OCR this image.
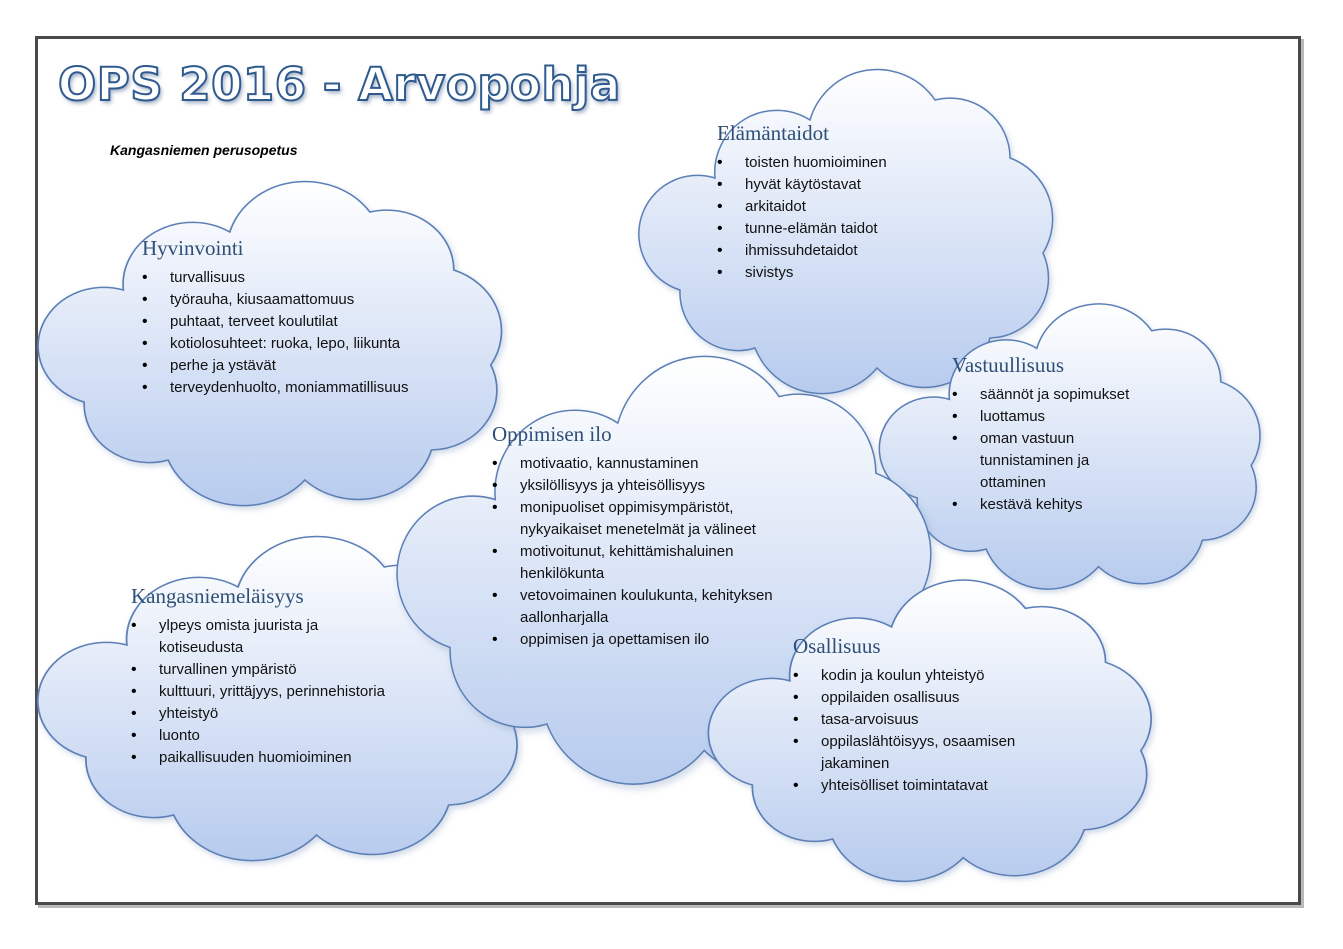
OPS 2016 - Arvopohja

Kangasniemen perusopetus

Hyvinvointi
• turvallisuus
• työrauha, kiusaamattomuus
• puhtaat, terveet koulutilat
• kotiolosuhteet: ruoka, lepo, liikunta
• perhe ja ystävät
• terveydenhuolto, moniammatillisuus
Elämäntaidot
• toisten huomioiminen
• hyvät käytöstavat
• arkitaidot
• tunne-elämän taidot
• ihmissuhdetaidot
• sivistys
Vastuullisuus
• säännöt ja sopimukset
• luottamus
• oman vastuun tunnistaminen ja ottaminen
• kestävä kehitys
Oppimisen ilo
• motivaatio, kannustaminen
• yksilöllisyys ja yhteisöllisyys
• monipuoliset oppimisympäristöt, nykyaikaiset menetelmät ja välineet
• motivoitunut, kehittämishaluinen henkilökunta
• vetovoimainen koulukunta, kehityksen aallonharjalla
• oppimisen ja opettamisen ilo
Kangasniemeläisyys
• ylpeys omista juurista ja kotiseudusta
• turvallinen ympäristö
• kulttuuri, yrittäjyys, perinnehistoria
• yhteistyö
• luonto
• paikallisuuden huomioiminen
Osallisuus
• kodin ja koulun yhteistyö
• oppilaiden osallisuus
• tasa-arvoisuus
• oppilaslähtöisyys, osaamisen jakaminen
• yhteisölliset toimintatavat
